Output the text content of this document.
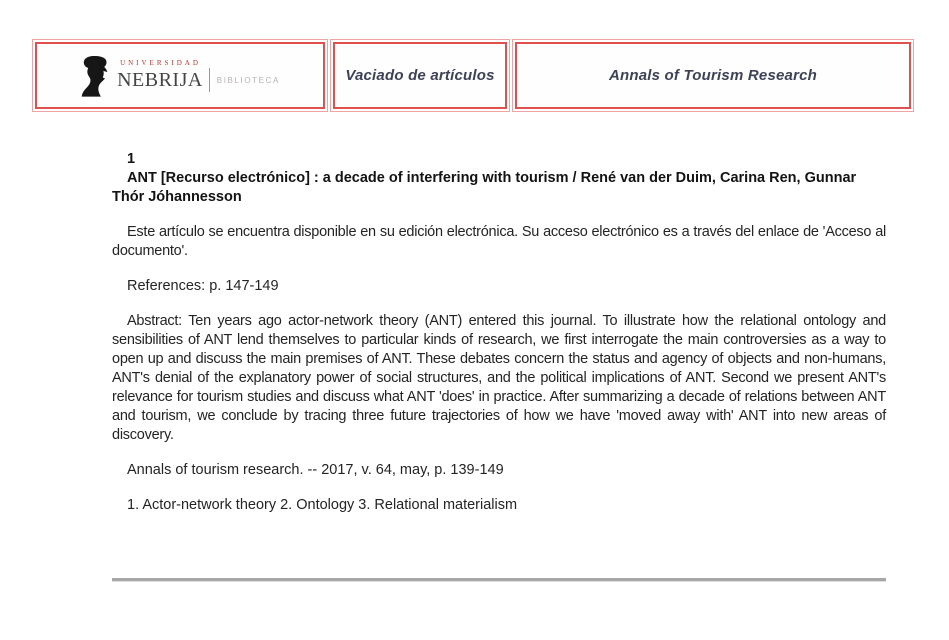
UNIVERSIDAD
NEBRIJA BIBLIOTECA	Vaciado de artículos	Annals of Tourism Research

1

ANT [Recurso electrónico] : a decade of interfering with tourism / René van der Duim, Carina Ren, Gunnar Thór Jóhannesson

Este artículo se encuentra disponible en su edición electrónica. Su acceso electrónico es a través del enlace de 'Acceso al documento'.

References: p. 147-149

Abstract: Ten years ago actor-network theory (ANT) entered this journal. To illustrate how the relational ontology and sensibilities of ANT lend themselves to particular kinds of research, we first interrogate the main controversies as a way to open up and discuss the main premises of ANT. These debates concern the status and agency of objects and non-humans, ANT's denial of the explanatory power of social structures, and the political implications of ANT. Second we present ANT's relevance for tourism studies and discuss what ANT 'does' in practice. After summarizing a decade of relations between ANT and tourism, we conclude by tracing three future trajectories of how we have 'moved away with' ANT into new areas of discovery.

Annals of tourism research. -- 2017, v. 64, may, p. 139-149

1. Actor-network theory 2. Ontology 3. Relational materialism
